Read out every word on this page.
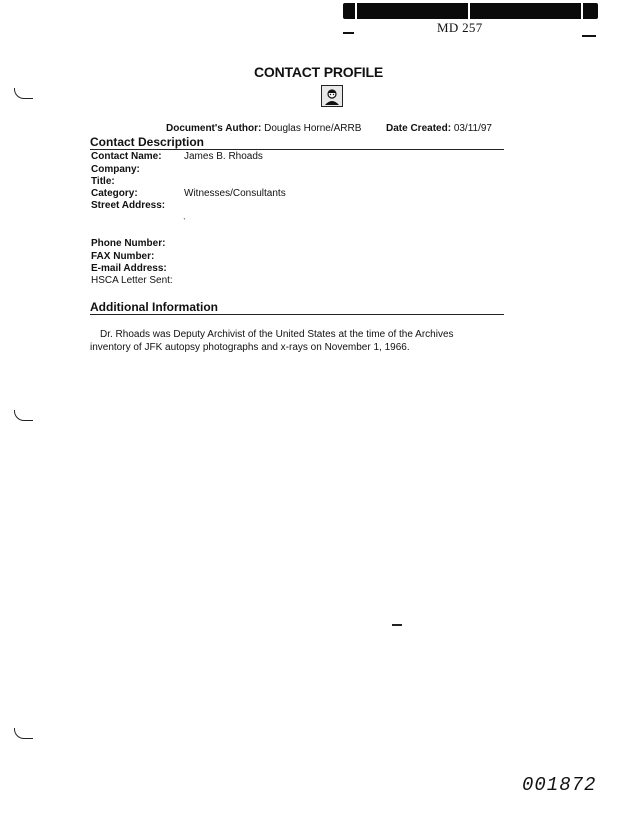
MD 257
CONTACT PROFILE
Document's Author: Douglas Horne/ARRB Date Created: 03/11/97
Contact Description
Contact Name: James B. Rhoads
Company:
Title:
Category:	Witnesses/Consultants
Street Address:
ˋ
Phone Number:
FAX Number:
E-mail Address:
HSCA Letter Sent:
Additional Information
Dr. Rhoads was Deputy Archivist of the United States at the time of the Archives
inventory of JFK autopsy photographs and x-rays on November 1, 1966.
001872
